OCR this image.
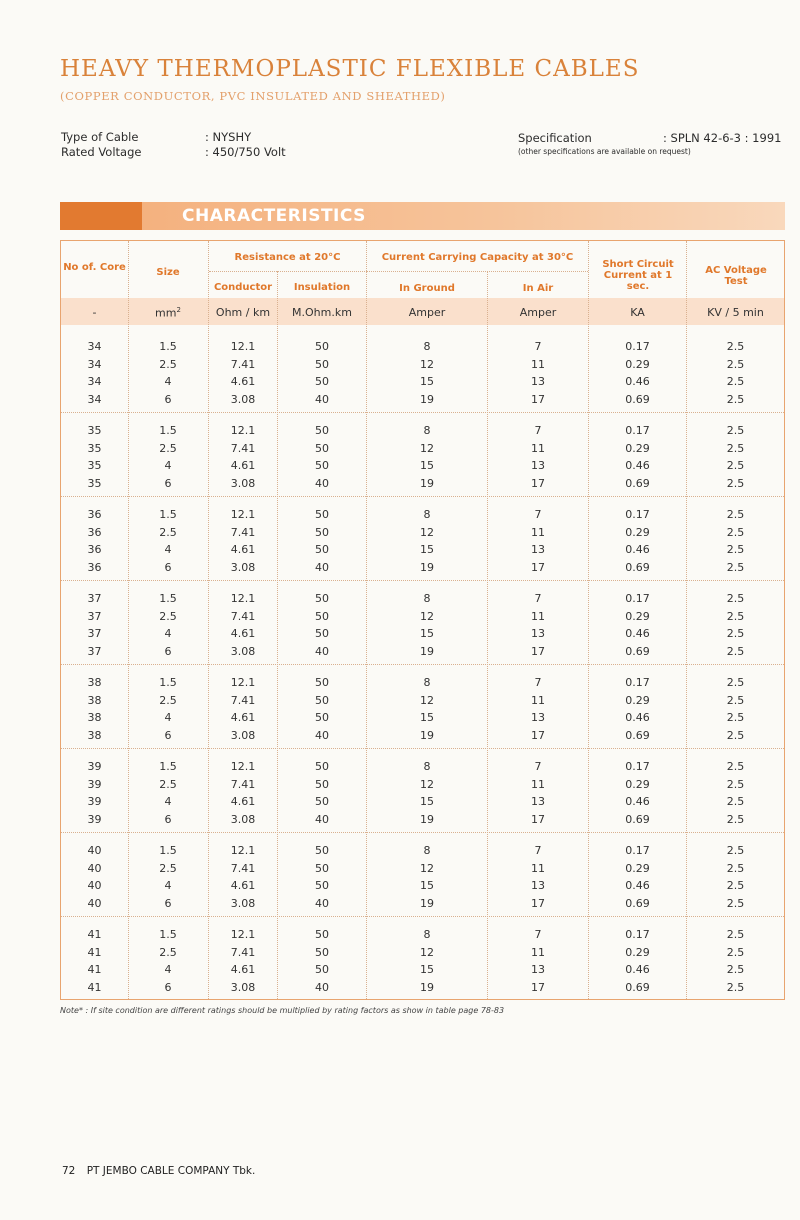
HEAVY THERMOPLASTIC FLEXIBLE CABLES
(COPPER CONDUCTOR, PVC INSULATED AND SHEATHED)
Type of Cable	: NYSHY
Rated Voltage	: 450/750 Volt
Specification	: SPLN 42-6-3 : 1991
(other specifications are available on request)
CHARACTERISTICS
No of. Core	Size
Resistance at 20°C
Conductor	Insulation
Current Carrying Capacity at 30°C
In Ground	In Air
Short Circuit Current at 1 sec.
AC Voltage Test
-	$mm^2$	Ohm / km	M.Ohm.km	Amper	Amper	KA	KV / 5 min
34	1.5	12.1	50	8	7	0.17	2.5
34	2.5	7.41	50	12	11	0.29	2.5
34	4	4.61	50	15	13	0.46	2.5
34	6	3.08	40	19	17	0.69	2.5
35	1.5	12.1	50	8	7	0.17	2.5
35	2.5	7.41	50	12	11	0.29	2.5
35	4	4.61	50	15	13	0.46	2.5
35	6	3.08	40	19	17	0.69	2.5
36	1.5	12.1	50	8	7	0.17	2.5
36	2.5	7.41	50	12	11	0.29	2.5
36	4	4.61	50	15	13	0.46	2.5
36	6	3.08	40	19	17	0.69	2.5
37	1.5	12.1	50	8	7	0.17	2.5
37	2.5	7.41	50	12	11	0.29	2.5
37	4	4.61	50	15	13	0.46	2.5
37	6	3.08	40	19	17	0.69	2.5
38	1.5	12.1	50	8	7	0.17	2.5
38	2.5	7.41	50	12	11	0.29	2.5
38	4	4.61	50	15	13	0.46	2.5
38	6	3.08	40	19	17	0.69	2.5
39	1.5	12.1	50	8	7	0.17	2.5
39	2.5	7.41	50	12	11	0.29	2.5
39	4	4.61	50	15	13	0.46	2.5
39	6	3.08	40	19	17	0.69	2.5
40	1.5	12.1	50	8	7	0.17	2.5
40	2.5	7.41	50	12	11	0.29	2.5
40	4	4.61	50	15	13	0.46	2.5
40	6	3.08	40	19	17	0.69	2.5
41	1.5	12.1	50	8	7	0.17	2.5
41	2.5	7.41	50	12	11	0.29	2.5
41	4	4.61	50	15	13	0.46	2.5
41	6	3.08	40	19	17	0.69	2.5
Note* : If site condition are different ratings should be multiplied by rating factors as show in table page 78-83
72 PT JEMBO CABLE COMPANY Tbk.
